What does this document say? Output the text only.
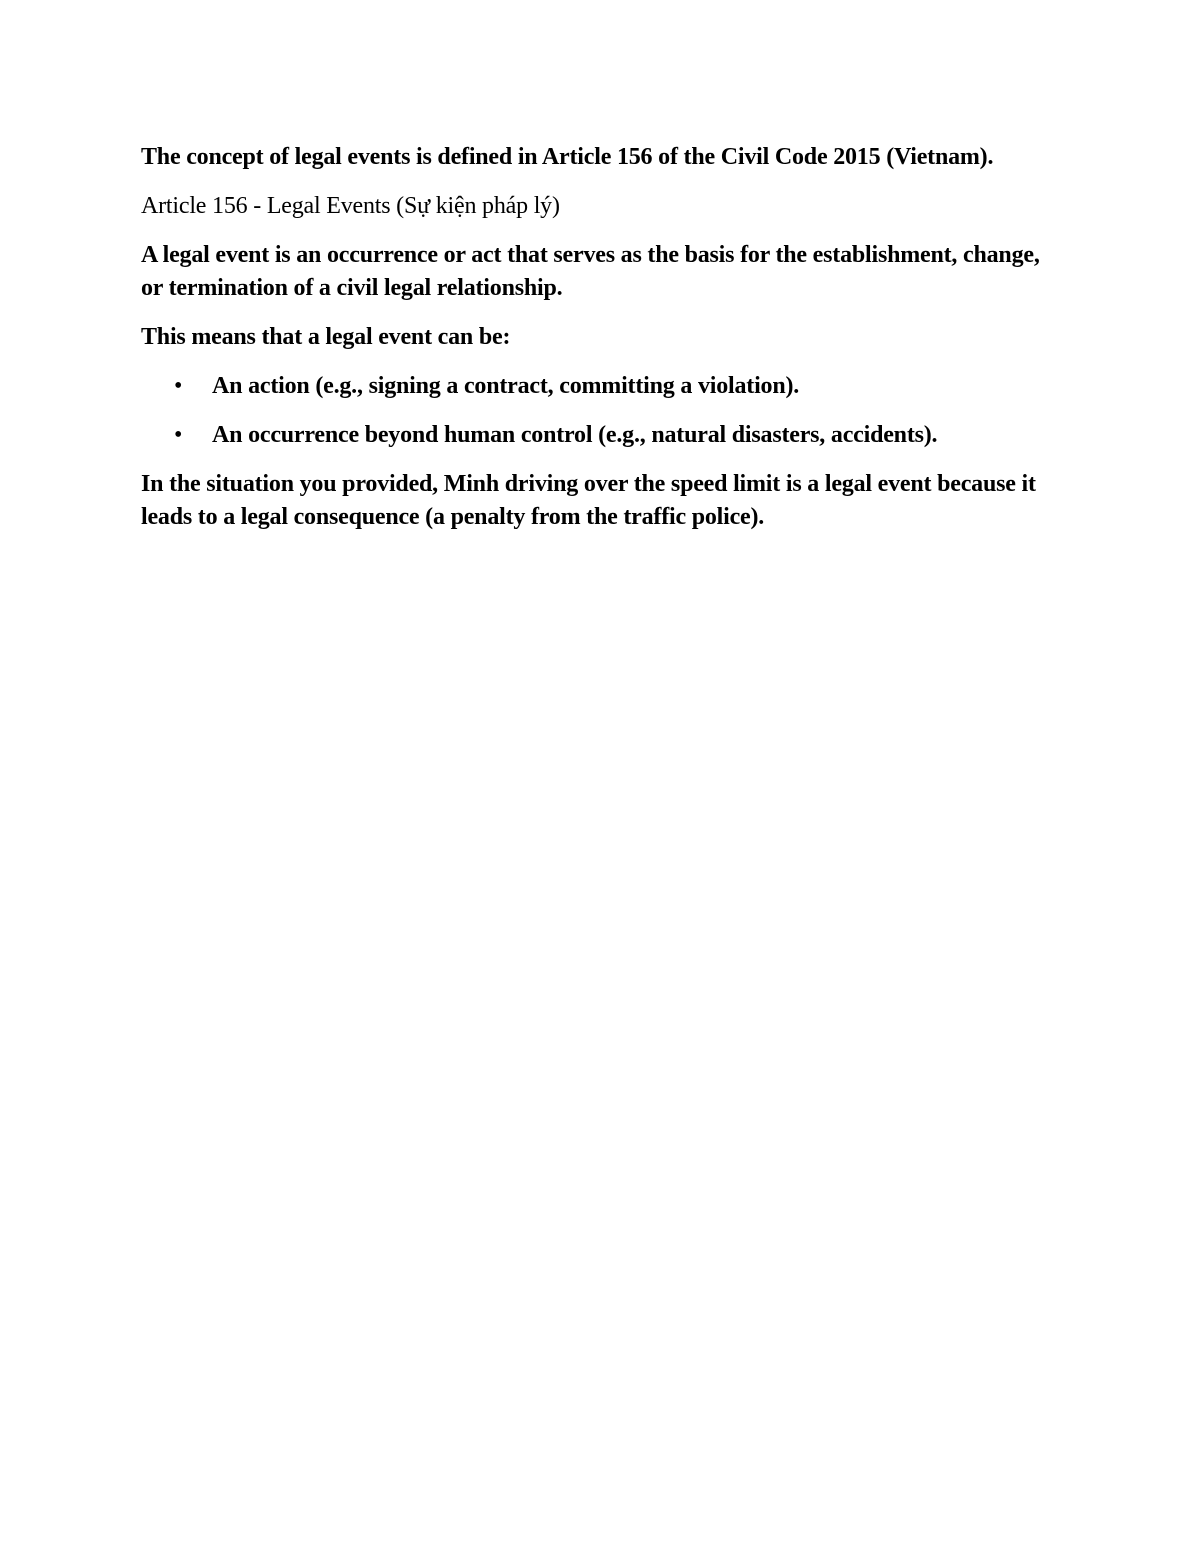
The concept of legal events is defined in Article 156 of the Civil Code 2015 (Vietnam).

Article 156 - Legal Events (Sự kiện pháp lý)

A legal event is an occurrence or act that serves as the basis for the establishment, change, or termination of a civil legal relationship.

This means that a legal event can be:

• An action (e.g., signing a contract, committing a violation).
• An occurrence beyond human control (e.g., natural disasters, accidents).

In the situation you provided, Minh driving over the speed limit is a legal event because it leads to a legal consequence (a penalty from the traffic police).
